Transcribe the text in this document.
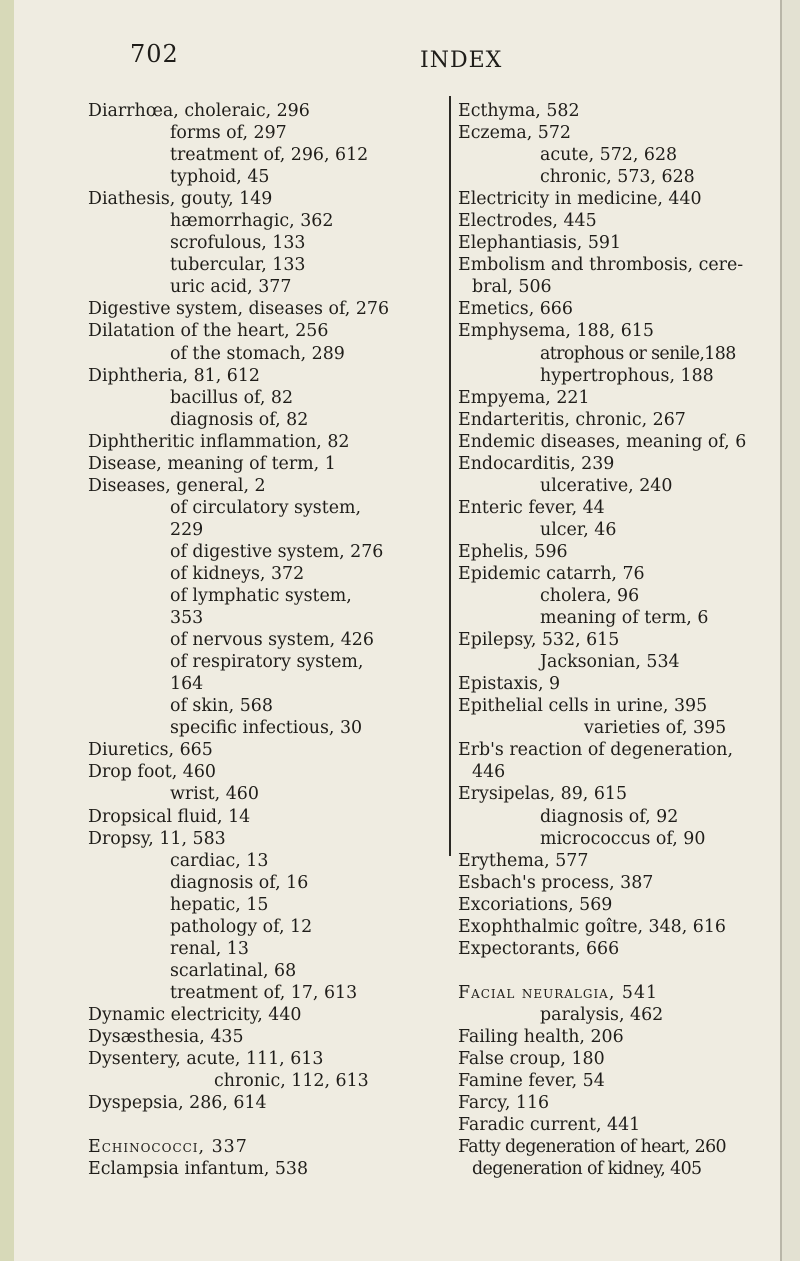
702	INDEX
Diarrhœa, choleraic, 296
forms of, 297
treatment of, 296, 612
typhoid, 45
Diathesis, gouty, 149
hæmorrhagic, 362
scrofulous, 133
tubercular, 133
uric acid, 377
Digestive system, diseases of, 276
Dilatation of the heart, 256
of the stomach, 289
Diphtheria, 81, 612
bacillus of, 82
diagnosis of, 82
Diphtheritic inflammation, 82
Disease, meaning of term, 1
Diseases, general, 2
of circulatory system,
229
of digestive system, 276
of kidneys, 372
of lymphatic system,
353
of nervous system, 426
of respiratory system,
164
of skin, 568
specific infectious, 30
Diuretics, 665
Drop foot, 460
wrist, 460
Dropsical fluid, 14
Dropsy, 11, 583
cardiac, 13
diagnosis of, 16
hepatic, 15
pathology of, 12
renal, 13
scarlatinal, 68
treatment of, 17, 613
Dynamic electricity, 440
Dysæsthesia, 435
Dysentery, acute, 111, 613
chronic, 112, 613
Dyspepsia, 286, 614
Echinococci, 337
Eclampsia infantum, 538
Ecthyma, 582
Eczema, 572
acute, 572, 628
chronic, 573, 628
Electricity in medicine, 440
Electrodes, 445
Elephantiasis, 591
Embolism and thrombosis, cere-
bral, 506
Emetics, 666
Emphysema, 188, 615
atrophous or senile,188
hypertrophous, 188
Empyema, 221
Endarteritis, chronic, 267
Endemic diseases, meaning of, 6
Endocarditis, 239
ulcerative, 240
Enteric fever, 44
ulcer, 46
Ephelis, 596
Epidemic catarrh, 76
cholera, 96
meaning of term, 6
Epilepsy, 532, 615
Jacksonian, 534
Epistaxis, 9
Epithelial cells in urine, 395
varieties of, 395
Erb's reaction of degeneration,
446
Erysipelas, 89, 615
diagnosis of, 92
micrococcus of, 90
Erythema, 577
Esbach's process, 387
Excoriations, 569
Exophthalmic goître, 348, 616
Expectorants, 666
Facial neuralgia, 541
paralysis, 462
Failing health, 206
False croup, 180
Famine fever, 54
Farcy, 116
Faradic current, 441
Fatty degeneration of heart, 260
degeneration of kidney, 405
